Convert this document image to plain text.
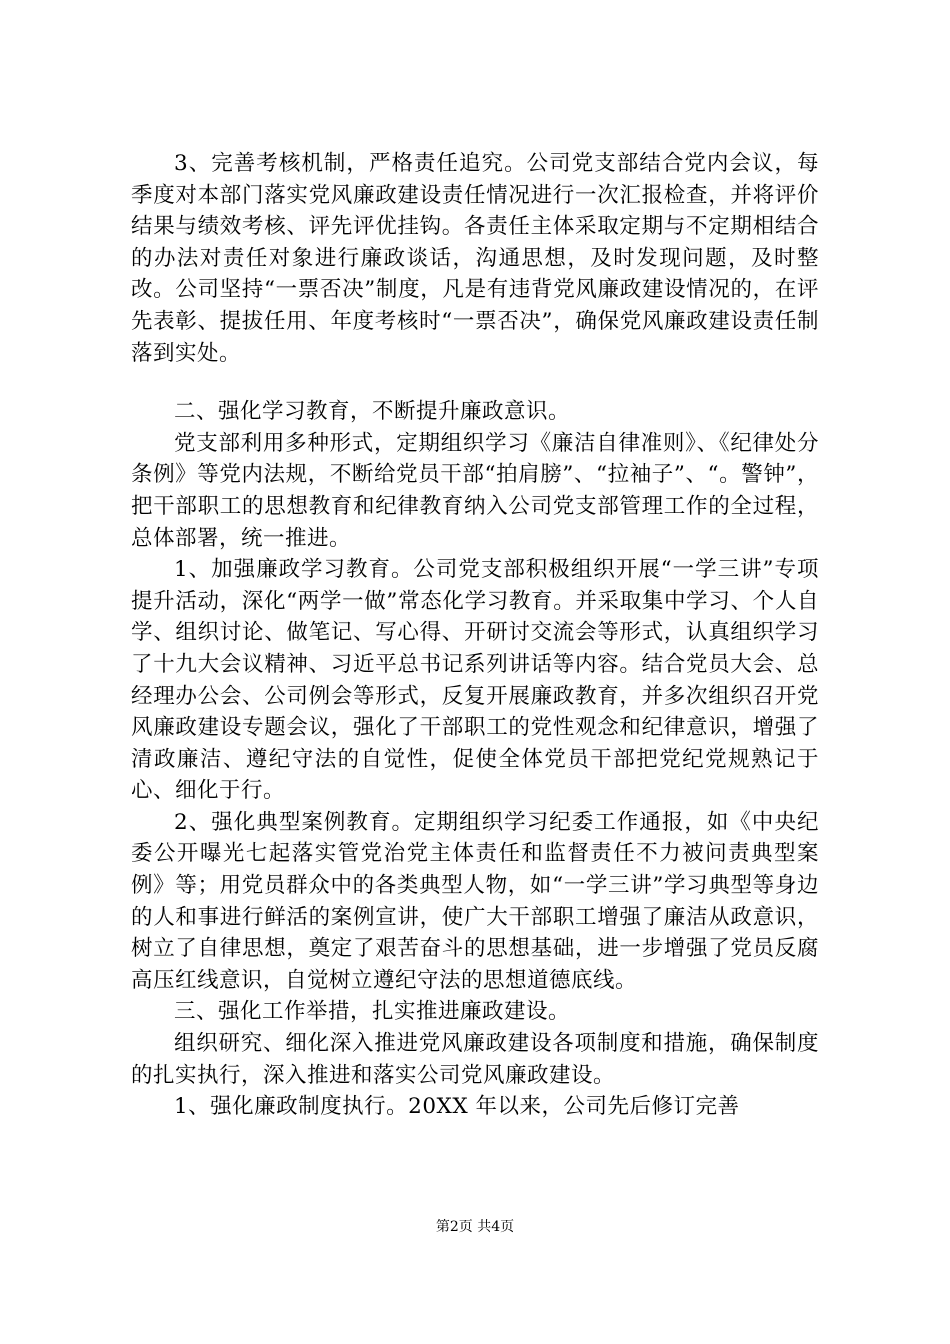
3、完善考核机制，严格责任追究。公司党支部结合党内会议，每季度对本部门落实党风廉政建设责任情况进行一次汇报检查，并将评价结果与绩效考核、评先评优挂钩。各责任主体采取定期与不定期相结合的办法对责任对象进行廉政谈话，沟通思想，及时发现问题，及时整改。公司坚持“一票否决”制度，凡是有违背党风廉政建设情况的，在评先表彰、提拔任用、年度考核时“一票否决”，确保党风廉政建设责任制落到实处。

二、强化学习教育，不断提升廉政意识。

党支部利用多种形式，定期组织学习《廉洁自律准则》、《纪律处分条例》等党内法规，不断给党员干部“拍肩膀”、“拉袖子”、“。警钟”，把干部职工的思想教育和纪律教育纳入公司党支部管理工作的全过程，总体部署，统一推进。

1、加强廉政学习教育。公司党支部积极组织开展“一学三讲”专项提升活动，深化“两学一做”常态化学习教育。并采取集中学习、个人自学、组织讨论、做笔记、写心得、开研讨交流会等形式，认真组织学习了十九大会议精神、习近平总书记系列讲话等内容。结合党员大会、总经理办公会、公司例会等形式，反复开展廉政教育，并多次组织召开党风廉政建设专题会议，强化了干部职工的党性观念和纪律意识，增强了清政廉洁、遵纪守法的自觉性，促使全体党员干部把党纪党规熟记于心、细化于行。

2、强化典型案例教育。定期组织学习纪委工作通报，如《中央纪委公开曝光七起落实管党治党主体责任和监督责任不力被问责典型案例》等；用党员群众中的各类典型人物，如“一学三讲”学习典型等身边的人和事进行鲜活的案例宣讲，使广大干部职工增强了廉洁从政意识，树立了自律思想，奠定了艰苦奋斗的思想基础，进一步增强了党员反腐高压红线意识，自觉树立遵纪守法的思想道德底线。

三、强化工作举措，扎实推进廉政建设。

组织研究、细化深入推进党风廉政建设各项制度和措施，确保制度的扎实执行，深入推进和落实公司党风廉政建设。

1、强化廉政制度执行。20XX 年以来，公司先后修订完善

第2页 共4页
